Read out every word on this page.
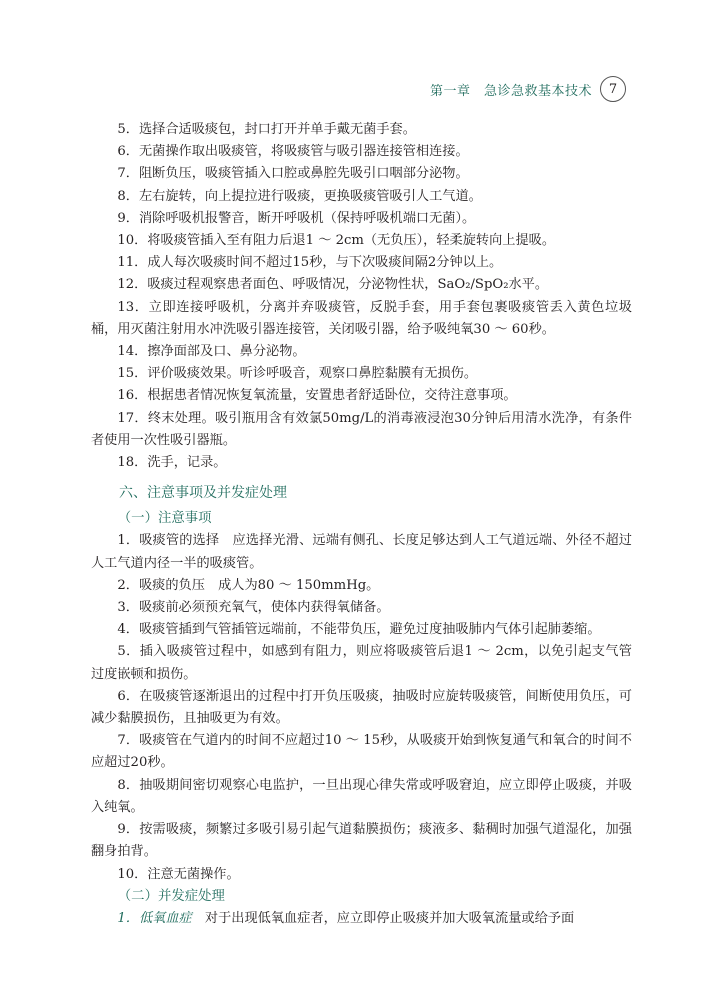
第一章　急诊急救基本技术	7

5．选择合适吸痰包，封口打开并单手戴无菌手套。

6．无菌操作取出吸痰管，将吸痰管与吸引器连接管相连接。

7．阻断负压，吸痰管插入口腔或鼻腔先吸引口咽部分泌物。

8．左右旋转，向上提拉进行吸痰，更换吸痰管吸引人工气道。

9．消除呼吸机报警音，断开呼吸机（保持呼吸机端口无菌）。

10．将吸痰管插入至有阻力后退1 ～ 2cm（无负压），轻柔旋转向上提吸。

11．成人每次吸痰时间不超过15秒，与下次吸痰间隔2分钟以上。

12．吸痰过程观察患者面色、呼吸情况，分泌物性状，SaO₂/SpO₂水平。

13．立即连接呼吸机，分离并弃吸痰管，反脱手套，用手套包裹吸痰管丢入黄色垃圾桶，用灭菌注射用水冲洗吸引器连接管，关闭吸引器，给予吸纯氧30 ～ 60秒。

14．擦净面部及口、鼻分泌物。

15．评价吸痰效果。听诊呼吸音，观察口鼻腔黏膜有无损伤。

16．根据患者情况恢复氧流量，安置患者舒适卧位，交待注意事项。

17．终末处理。吸引瓶用含有效氯50mg/L的消毒液浸泡30分钟后用清水洗净，有条件者使用一次性吸引器瓶。

18．洗手，记录。

六、注意事项及并发症处理
（一）注意事项

1．吸痰管的选择　应选择光滑、远端有侧孔、长度足够达到人工气道远端、外径不超过人工气道内径一半的吸痰管。

2．吸痰的负压　成人为80 ～ 150mmHg。

3．吸痰前必须预充氧气，使体内获得氧储备。

4．吸痰管插到气管插管远端前，不能带负压，避免过度抽吸肺内气体引起肺萎缩。

5．插入吸痰管过程中，如感到有阻力，则应将吸痰管后退1 ～ 2cm，以免引起支气管过度嵌顿和损伤。

6．在吸痰管逐渐退出的过程中打开负压吸痰，抽吸时应旋转吸痰管，间断使用负压，可减少黏膜损伤，且抽吸更为有效。

7．吸痰管在气道内的时间不应超过10 ～ 15秒，从吸痰开始到恢复通气和氧合的时间不应超过20秒。

8．抽吸期间密切观察心电监护，一旦出现心律失常或呼吸窘迫，应立即停止吸痰，并吸入纯氧。

9．按需吸痰，频繁过多吸引易引起气道黏膜损伤；痰液多、黏稠时加强气道湿化，加强翻身拍背。

10．注意无菌操作。

（二）并发症处理

1．低氧血症　对于出现低氧血症者，应立即停止吸痰并加大吸氧流量或给予面
